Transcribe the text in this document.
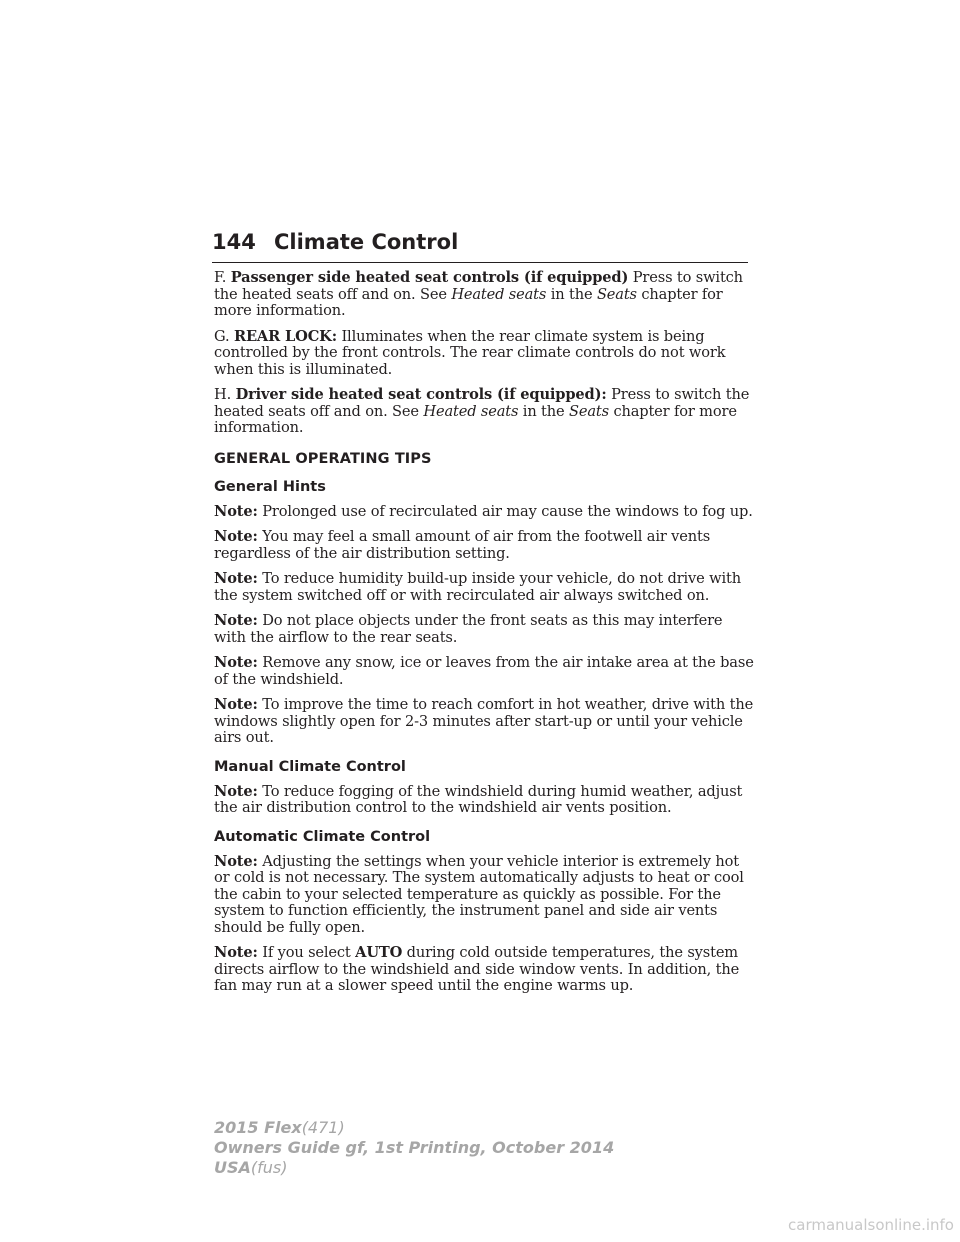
144 Climate Control

F. Passenger side heated seat controls (if equipped) Press to switch the heated seats off and on. See Heated seats in the Seats chapter for more information.

G. REAR LOCK: Illuminates when the rear climate system is being controlled by the front controls. The rear climate controls do not work when this is illuminated.

H. Driver side heated seat controls (if equipped): Press to switch the heated seats off and on. See Heated seats in the Seats chapter for more information.

GENERAL OPERATING TIPS
General Hints

Note: Prolonged use of recirculated air may cause the windows to fog up.

Note: You may feel a small amount of air from the footwell air vents regardless of the air distribution setting.

Note: To reduce humidity build-up inside your vehicle, do not drive with the system switched off or with recirculated air always switched on.

Note: Do not place objects under the front seats as this may interfere with the airflow to the rear seats.

Note: Remove any snow, ice or leaves from the air intake area at the base of the windshield.

Note: To improve the time to reach comfort in hot weather, drive with the windows slightly open for 2-3 minutes after start-up or until your vehicle airs out.

Manual Climate Control

Note: To reduce fogging of the windshield during humid weather, adjust the air distribution control to the windshield air vents position.

Automatic Climate Control

Note: Adjusting the settings when your vehicle interior is extremely hot or cold is not necessary. The system automatically adjusts to heat or cool the cabin to your selected temperature as quickly as possible. For the system to function efficiently, the instrument panel and side air vents should be fully open.

Note: If you select AUTO during cold outside temperatures, the system directs airflow to the windshield and side window vents. In addition, the fan may run at a slower speed until the engine warms up.

2015 Flex(471)
Owners Guide gf, 1st Printing, October 2014
USA(fus)
carmanualsonline.info
